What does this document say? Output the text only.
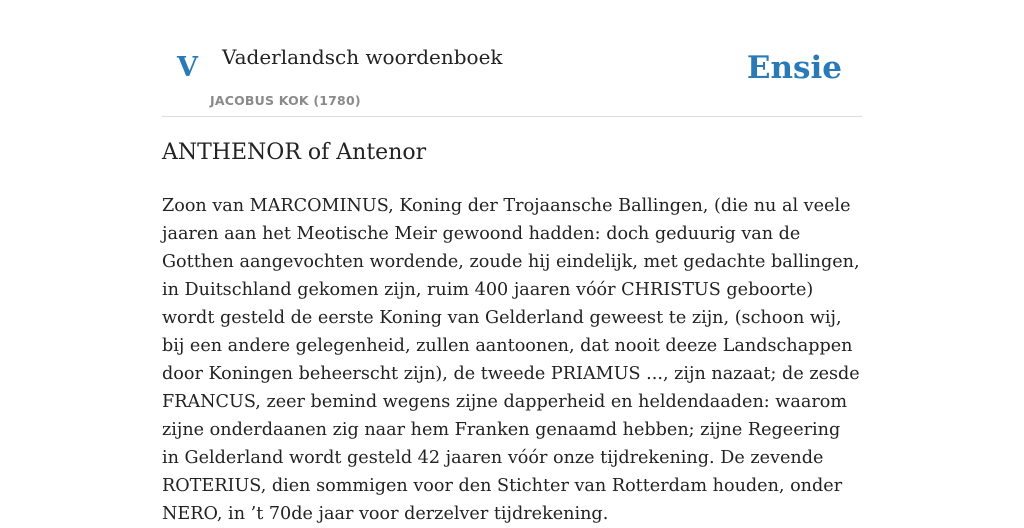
V Vaderlandsch woordenboek
JACOBUS KOK (1780)
Ensie
ANTHENOR of Antenor

Zoon van MARCOMINUS, Koning der Trojaansche Ballingen, (die nu al veele jaaren aan het Meotische Meir gewoond hadden: doch geduurig van de Gotthen aangevochten wordende, zoude hij eindelijk, met gedachte ballingen, in Duitschland gekomen zijn, ruim 400 jaaren vóór CHRISTUS geboorte) wordt gesteld de eerste Koning van Gelderland geweest te zijn, (schoon wij, bij een andere gelegenheid, zullen aantoonen, dat nooit deeze Landschappen door Koningen beheerscht zijn), de tweede PRIAMUS ..., zijn nazaat; de zesde FRANCUS, zeer bemind wegens zijne dapperheid en heldendaaden: waarom zijne onderdaanen zig naar hem Franken genaamd hebben; zijne Regeering in Gelderland wordt gesteld 42 jaaren vóór onze tijdrekening. De zevende ROTERIUS, dien sommigen voor den Stichter van Rotterdam houden, onder NERO, in ’t 70de jaar voor derzelver tijdrekening.
